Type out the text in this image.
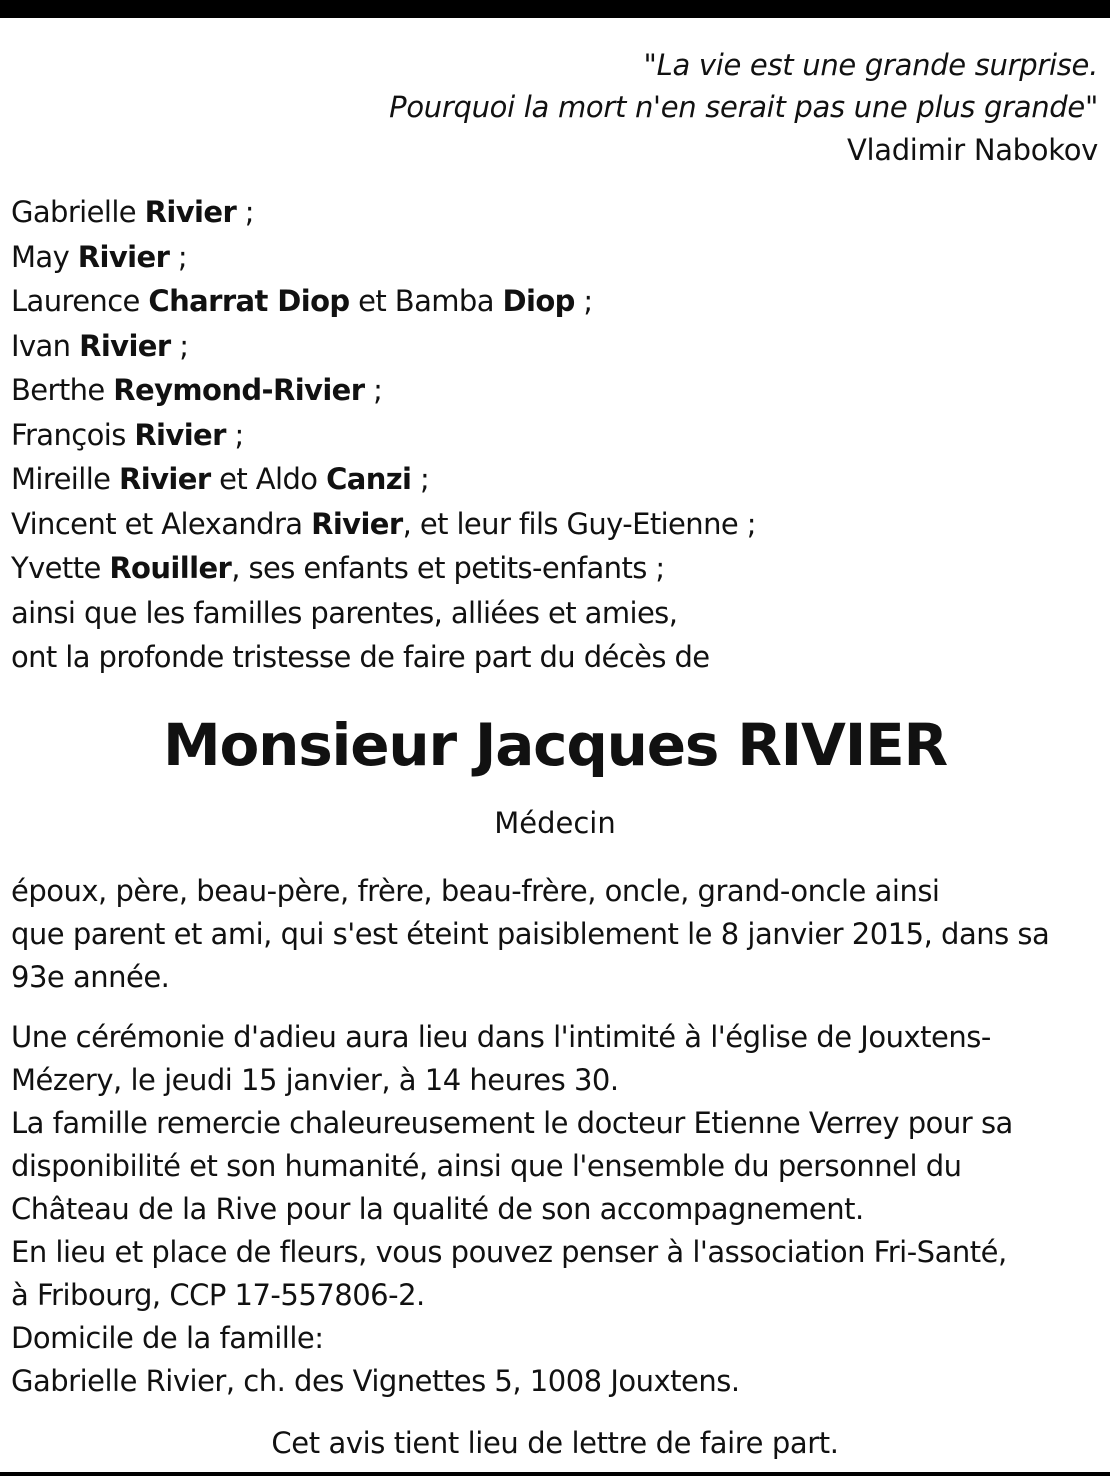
"La vie est une grande surprise.
Pourquoi la mort n'en serait pas une plus grande"
Vladimir Nabokov
Gabrielle Rivier ;
May Rivier ;
Laurence Charrat Diop et Bamba Diop ;
Ivan Rivier ;
Berthe Reymond-Rivier ;
François Rivier ;
Mireille Rivier et Aldo Canzi ;
Vincent et Alexandra Rivier, et leur fils Guy-Etienne ;
Yvette Rouiller, ses enfants et petits-enfants ;
ainsi que les familles parentes, alliées et amies,
ont la profonde tristesse de faire part du décès de
Monsieur Jacques RIVIER
Médecin
époux, père, beau-père, frère, beau-frère, oncle, grand-oncle ainsi
que parent et ami, qui s'est éteint paisiblement le 8 janvier 2015, dans sa
93e année.
Une cérémonie d'adieu aura lieu dans l'intimité à l'église de Jouxtens-
Mézery, le jeudi 15 janvier, à 14 heures 30.
La famille remercie chaleureusement le docteur Etienne Verrey pour sa
disponibilité et son humanité, ainsi que l'ensemble du personnel du
Château de la Rive pour la qualité de son accompagnement.
En lieu et place de fleurs, vous pouvez penser à l'association Fri-Santé,
à Fribourg, CCP 17-557806-2.
Domicile de la famille:
Gabrielle Rivier, ch. des Vignettes 5, 1008 Jouxtens.
Cet avis tient lieu de lettre de faire part.
